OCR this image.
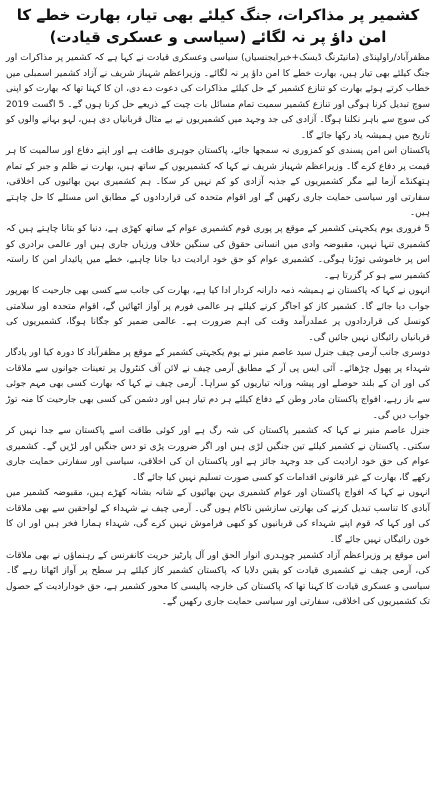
کشمیر پر مذاکرات، جنگ کیلئے بھی تیار، بھارت خطے کا امن داؤ پر نہ لگائے (سیاسی و عسکری قیادت)

مظفرآباد/راولپنڈی (مانیٹرنگ ڈیسک+خبرایجنسیاں) سیاسی وعسکری قیادت نے کہا ہے کہ کشمیر پر مذاکرات اور جنگ کیلئے بھی تیار ہیں، بھارت خطے کا امن داؤ پر نہ لگائے۔ وزیراعظم شہباز شریف نے آزاد کشمیر اسمبلی میں خطاب کرتے ہوئے بھارت کو تنازع کشمیر کے حل کیلئے مذاکرات کی دعوت دے دی، ان کا کہنا تھا کہ بھارت کو اپنی سوچ تبدیل کرنا ہوگی اور تنازع کشمیر سمیت تمام مسائل بات چیت کے ذریعے حل کرنا ہوں گے۔ 5 اگست 2019 کی سوچ سے باہر نکلنا ہوگا۔ آزادی کی جد وجہد میں کشمیریوں نے بے مثال قربانیاں دی ہیں، لہو بہانے والوں کو تاریخ میں ہمیشہ یاد رکھا جائے گا۔

پاکستان اس امن پسندی کو کمزوری نہ سمجھا جائے، پاکستان جوہری طاقت ہے اور اپنے دفاع اور سالمیت کا ہر قیمت پر دفاع کرے گا۔ وزیراعظم شہباز شریف نے کہا کہ کشمیریوں کے ساتھ ہیں، بھارت نے ظلم و جبر کے تمام ہتھکنڈے آزما لیے مگر کشمیریوں کے جذبہ آزادی کو کم نہیں کر سکا۔ ہم کشمیری بہن بھائیوں کی اخلاقی، سفارتی اور سیاسی حمایت جاری رکھیں گے اور اقوام متحدہ کی قراردادوں کے مطابق اس مسئلے کا حل چاہتے ہیں۔

5 فروری یوم یکجہتی کشمیر کے موقع پر پوری قوم کشمیری عوام کے ساتھ کھڑی ہے، دنیا کو بتانا چاہتے ہیں کہ کشمیری تنہا نہیں، مقبوضہ وادی میں انسانی حقوق کی سنگین خلاف ورزیاں جاری ہیں اور عالمی برادری کو اس پر خاموشی توڑنا ہوگی۔ کشمیری عوام کو حق خود ارادیت دیا جانا چاہیے، خطے میں پائیدار امن کا راستہ کشمیر سے ہو کر گزرتا ہے۔

انہوں نے کہا کہ پاکستان نے ہمیشہ ذمہ دارانہ کردار ادا کیا ہے، بھارت کی جانب سے کسی بھی جارحیت کا بھرپور جواب دیا جائے گا۔ کشمیر کاز کو اجاگر کرنے کیلئے ہر عالمی فورم پر آواز اٹھائیں گے، اقوام متحدہ اور سلامتی کونسل کی قراردادوں پر عملدرآمد وقت کی اہم ضرورت ہے۔ عالمی ضمیر کو جگانا ہوگا، کشمیریوں کی قربانیاں رائیگاں نہیں جائیں گی۔

دوسری جانب آرمی چیف جنرل سید عاصم منیر نے یوم یکجہتی کشمیر کے موقع پر مظفرآباد کا دورہ کیا اور یادگار شہداء پر پھول چڑھائے۔ آئی ایس پی آر کے مطابق آرمی چیف نے لائن آف کنٹرول پر تعینات جوانوں سے ملاقات کی اور ان کے بلند حوصلے اور پیشہ ورانہ تیاریوں کو سراہا۔ آرمی چیف نے کہا کہ بھارت کسی بھی مہم جوئی سے باز رہے، افواج پاکستان مادر وطن کے دفاع کیلئے ہر دم تیار ہیں اور دشمن کی کسی بھی جارحیت کا منہ توڑ جواب دیں گی۔

جنرل عاصم منیر نے کہا کہ کشمیر پاکستان کی شہ رگ ہے اور کوئی طاقت اسے پاکستان سے جدا نہیں کر سکتی۔ پاکستان نے کشمیر کیلئے تین جنگیں لڑی ہیں اور اگر ضرورت پڑی تو دس جنگیں اور لڑیں گے۔ کشمیری عوام کی حق خود ارادیت کی جد وجہد جائز ہے اور پاکستان ان کی اخلاقی، سیاسی اور سفارتی حمایت جاری رکھے گا، بھارت کے غیر قانونی اقدامات کو کسی صورت تسلیم نہیں کیا جائے گا۔

انہوں نے کہا کہ افواج پاکستان اور عوام کشمیری بہن بھائیوں کے شانہ بشانہ کھڑے ہیں، مقبوضہ کشمیر میں آبادی کا تناسب تبدیل کرنے کی بھارتی سازشیں ناکام ہوں گی۔ آرمی چیف نے شہداء کے لواحقین سے بھی ملاقات کی اور کہا کہ قوم اپنے شہداء کی قربانیوں کو کبھی فراموش نہیں کرے گی، شہداء ہمارا فخر ہیں اور ان کا خون رائیگاں نہیں جائے گا۔

اس موقع پر وزیراعظم آزاد کشمیر چوہدری انوار الحق اور آل پارٹیز حریت کانفرنس کے رہنماؤں نے بھی ملاقات کی، آرمی چیف نے کشمیری قیادت کو یقین دلایا کہ پاکستان کشمیر کاز کیلئے ہر سطح پر آواز اٹھاتا رہے گا۔ سیاسی و عسکری قیادت کا کہنا تھا کہ پاکستان کی خارجہ پالیسی کا محور کشمیر ہے، حق خودارادیت کے حصول تک کشمیریوں کی اخلاقی، سفارتی اور سیاسی حمایت جاری رکھیں گے۔
